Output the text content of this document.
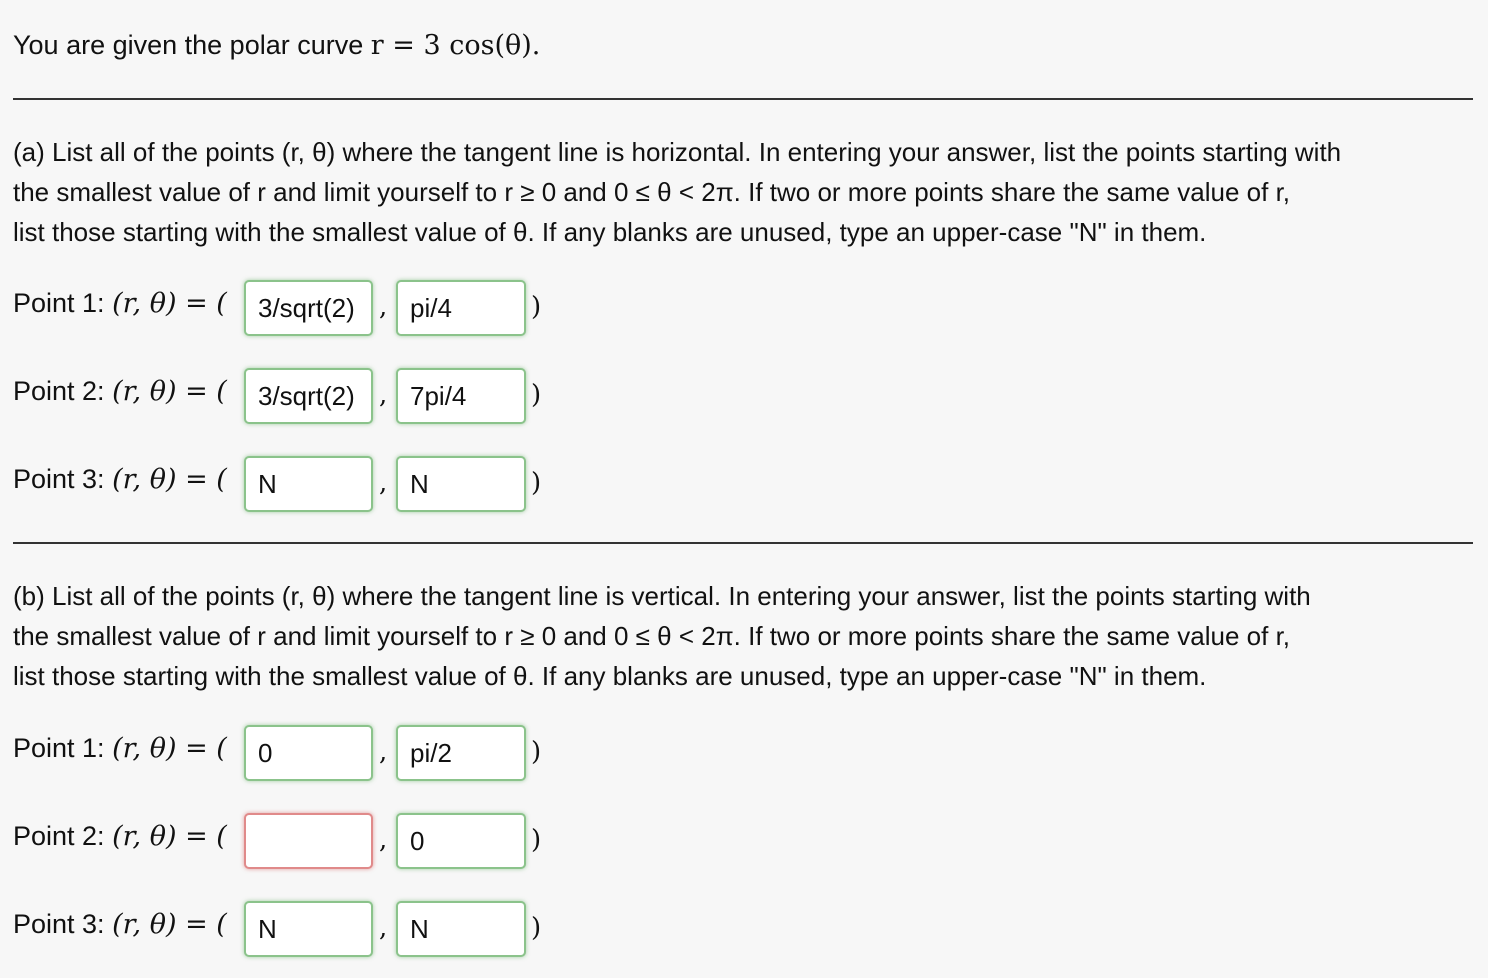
You are given the polar curve r = 3 cos(θ).
(a) List all of the points (r, θ) where the tangent line is horizontal. In entering your answer, list the points starting with
the smallest value of r and limit yourself to r ≥ 0 and 0 ≤ θ < 2π. If two or more points share the same value of r,
list those starting with the smallest value of θ. If any blanks are unused, type an upper-case "N" in them.
Point 1: (r, θ) = (
3/sqrt(2)	,
pi/4	)
Point 2: (r, θ) = (
3/sqrt(2)	,
7pi/4	)
Point 3: (r, θ) = (
N	,
N	)
(b) List all of the points (r, θ) where the tangent line is vertical. In entering your answer, list the points starting with
the smallest value of r and limit yourself to r ≥ 0 and 0 ≤ θ < 2π. If two or more points share the same value of r,
list those starting with the smallest value of θ. If any blanks are unused, type an upper-case "N" in them.
Point 1: (r, θ) = (
0	,
pi/2	)
Point 2: (r, θ) = (	,
0	)
Point 3: (r, θ) = (
N	,
N	)
